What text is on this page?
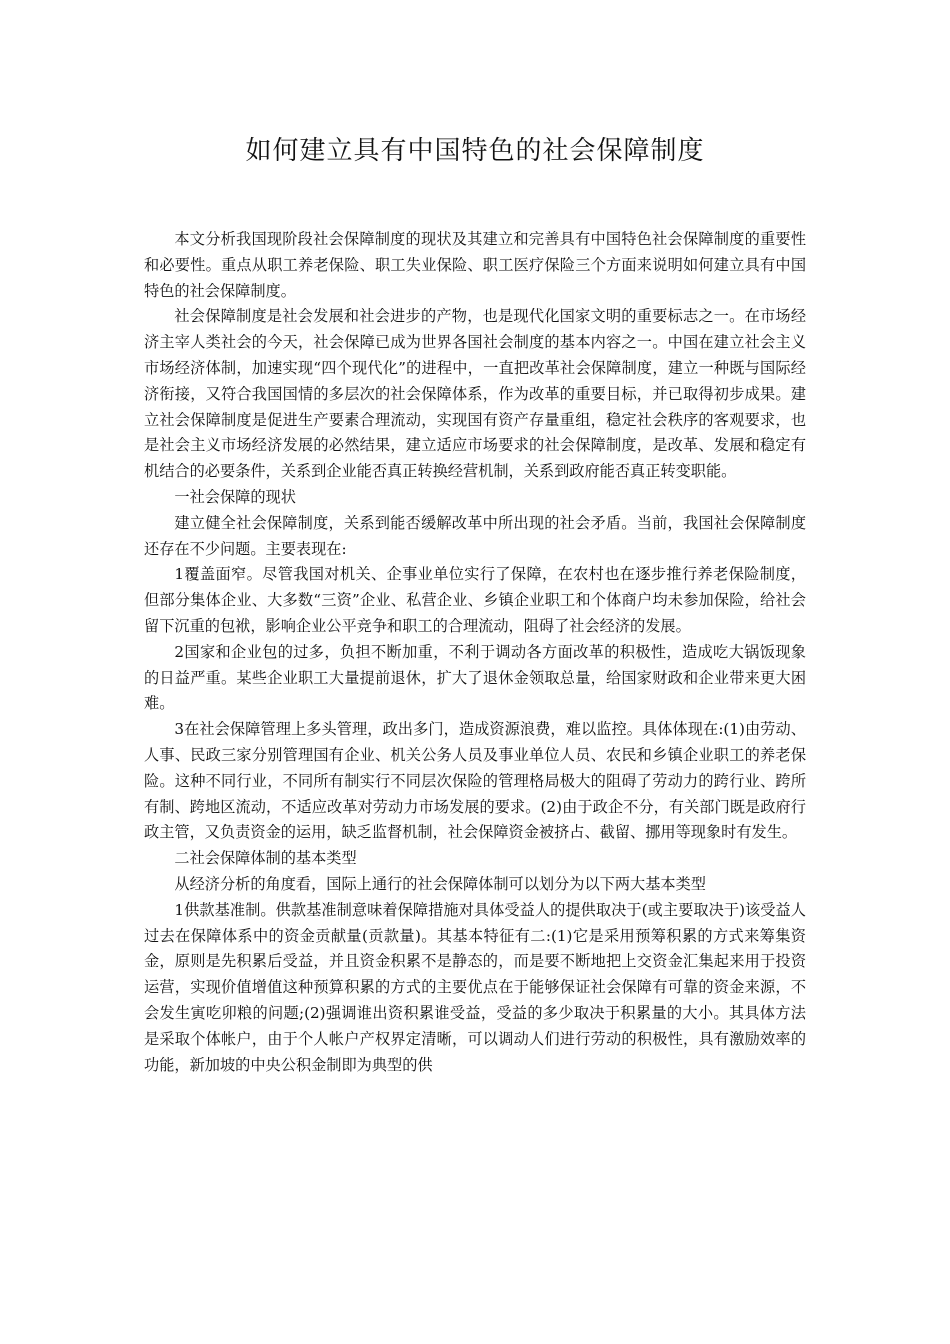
如何建立具有中国特色的社会保障制度

本文分析我国现阶段社会保障制度的现状及其建立和完善具有中国特色社会保障制度的重要性和必要性。重点从职工养老保险、职工失业保险、职工医疗保险三个方面来说明如何建立具有中国特色的社会保障制度。

社会保障制度是社会发展和社会进步的产物，也是现代化国家文明的重要标志之一。在市场经济主宰人类社会的今天，社会保障已成为世界各国社会制度的基本内容之一。中国在建立社会主义市场经济体制，加速实现“四个现代化”的进程中，一直把改革社会保障制度，建立一种既与国际经济衔接，又符合我国国情的多层次的社会保障体系，作为改革的重要目标，并已取得初步成果。建立社会保障制度是促进生产要素合理流动，实现国有资产存量重组，稳定社会秩序的客观要求，也是社会主义市场经济发展的必然结果，建立适应市场要求的社会保障制度，是改革、发展和稳定有机结合的必要条件，关系到企业能否真正转换经营机制，关系到政府能否真正转变职能。

一社会保障的现状

建立健全社会保障制度，关系到能否缓解改革中所出现的社会矛盾。当前，我国社会保障制度还存在不少问题。主要表现在:

1覆盖面窄。尽管我国对机关、企事业单位实行了保障，在农村也在逐步推行养老保险制度，但部分集体企业、大多数“三资”企业、私营企业、乡镇企业职工和个体商户均未参加保险，给社会留下沉重的包袱，影响企业公平竞争和职工的合理流动，阻碍了社会经济的发展。

2国家和企业包的过多，负担不断加重，不利于调动各方面改革的积极性，造成吃大锅饭现象的日益严重。某些企业职工大量提前退休，扩大了退休金领取总量，给国家财政和企业带来更大困难。

3在社会保障管理上多头管理，政出多门，造成资源浪费，难以监控。具体体现在:(1)由劳动、人事、民政三家分别管理国有企业、机关公务人员及事业单位人员、农民和乡镇企业职工的养老保险。这种不同行业，不同所有制实行不同层次保险的管理格局极大的阻碍了劳动力的跨行业、跨所有制、跨地区流动，不适应改革对劳动力市场发展的要求。(2)由于政企不分，有关部门既是政府行政主管，又负责资金的运用，缺乏监督机制，社会保障资金被挤占、截留、挪用等现象时有发生。

二社会保障体制的基本类型

从经济分析的角度看，国际上通行的社会保障体制可以划分为以下两大基本类型

1供款基准制。供款基准制意味着保障措施对具体受益人的提供取决于(或主要取决于)该受益人过去在保障体系中的资金贡献量(贡款量)。其基本特征有二:(1)它是采用预筹积累的方式来筹集资金，原则是先积累后受益，并且资金积累不是静态的，而是要不断地把上交资金汇集起来用于投资运营，实现价值增值这种预算积累的方式的主要优点在于能够保证社会保障有可靠的资金来源，不会发生寅吃卯粮的问题;(2)强调谁出资积累谁受益，受益的多少取决于积累量的大小。其具体方法是采取个体帐户，由于个人帐户产权界定清晰，可以调动人们进行劳动的积极性，具有激励效率的功能，新加坡的中央公积金制即为典型的供
